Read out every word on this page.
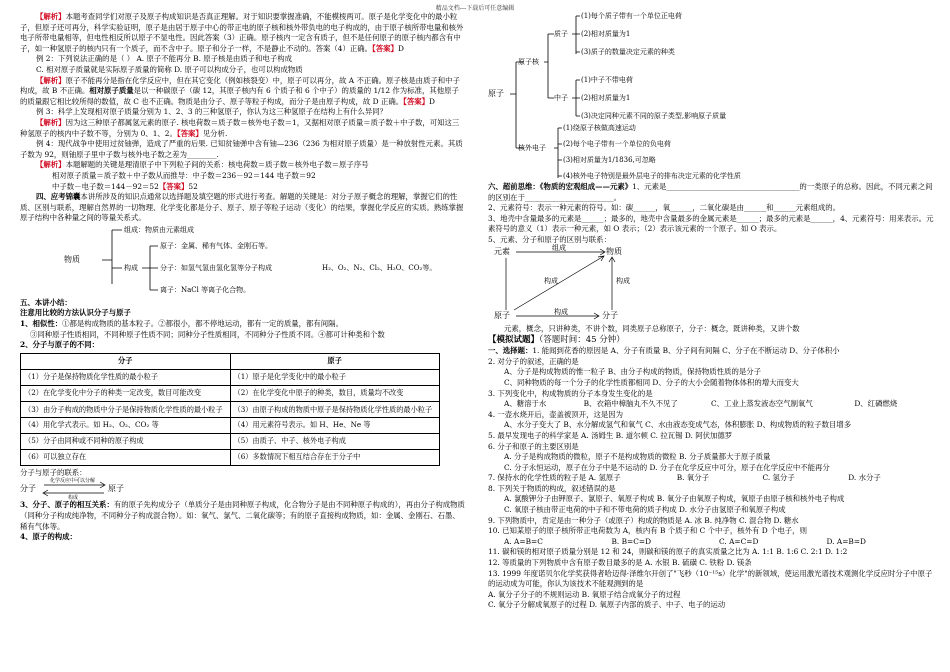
精品文档---下载后可任意编辑

【解析】本题考查同学们对原子及原子构成知识是否真正理解。对于知识要掌握准确，不能模棱两可。原子是化学变化中的最小粒子，但原子还可再分，科学实验证明，原子是由居于原子中心的带正电的原子核和核外带负电的电子构成的，由于原子核所带电量和核外电子所带电量相等，但电性相反所以原子不显电性。因此答案（3）正确。原子核内一定含有质子，但不是任何原子的原子核内都含有中子，如一种氢原子的核内只有一个质子，而不含中子。原子和分子一样，不是静止不动的。答案（4）正确。【答案】D

例 2：下列说法正确的是（ ） A. 原子不能再分 B. 原子核是由质子和电子构成

C. 相对原子质量就是实际原子质量的简称 D. 原子可以构成分子，也可以构成物质

【解析】原子不能再分是指在化学反应中，但在其它变化（例如核裂变）中，原子可以再分，故 A 不正确。原子核是由质子和中子构成，故 B 不正确。相对原子质量是以一种碳原子（碳 12，其原子核内有 6 个质子和 6 个中子）的质量的 1/12 作为标准，其他原子的质量跟它相比较所得的数值，故 C 也不正确。物质是由分子、原子等粒子构成，而分子是由原子构成，故 D 正确。【答案】D

例 3：科学上发现相对原子质量分别为 1、2、3 的三种氢原子，你认为这三种氢原子在结构上有什么异同？

【解析】因为这三种原子都属氢元素的原子. 核电荷数＝质子数＝核外电子数＝1，又据相对原子质量＝质子数＋中子数，可知这三种氢原子的核内中子数不等，分别为 0、1、2。【答案】见分析.

例 4：现代战争中使用过贫铀弹，造成了严重的后果. 已知贫铀弹中含有铀—236（236 为相对原子质量）是一种放射性元素。其质子数为 92，则铀原子里中子数与核外电子数之差为________.

【解析】本题解题的关键是理清原子中下列粒子间的关系：核电荷数＝质子数＝核外电子数＝原子序号

相对原子质量＝质子数＋中子数从而推导：中子数＝236－92＝144 电子数＝92

中子数－电子数＝144－92＝52【答案】52

四、应考锦囊本讲所涉及的知识点通常以选择题及填空题的形式进行考查。解题的关键是：对分子原子概念的理解，掌握它们的性质、区别与联系，理解自然界的一切物理、化学变化都是分子、原子、原子等粒子运动（变化）的结果，掌握化学反应的实质。熟练掌握原子结构中各种量之间的等量关系式。

物质
组成：物质由元素组成
构成
原子：金属、稀有气体、金刚石等。
分子：如氢气氢由氢化氢等分子构成	H₂、O₂、N₂、Cl₂、H₂O、CO₂等。
离子：NaCl 等离子化合物。

五、本讲小结：

注意用比较的方法认识分子与原子

1、相似性：①都是构成物质的基本粒子。②都很小，都不停地运动，都有一定的质量，都有间隔。

③同种原子性质相同，不同种原子性质不同；同种分子性质相同，不同种分子性质不同。④都可计种类和个数

2、分子与原子的不同：

分子	原子
（1）分子是保持物质化学性质的最小粒子	（1）原子是化学变化中的最小粒子
（2）在化学变化中分子的种类一定改变，数目可能改变	（2）在化学变化中原子的种类，数目，质量均不改变
（3）由分子构成的物质中分子是保持物质化学性质的最小粒子	（3）由原子构成的物质中原子是保持物质化学性质的最小粒子
（4）用化学式表示。如 H₂、O₂、CO₂ 等	（4）用元素符号表示。如 H、He、Ne 等
（5）分子由同种或不同种的原子构成	（5）由质子、中子、核外电子构成
（6）可以独立存在	（6）多数情况下相互结合存在于分子中

分子与原子的联系：

分子	原子
化学反应中可以分解
构成

3、分子、原子的相互关系：有的原子先构成分子（单质分子是由同种原子构成，化合物分子是由不同种原子构成的），再由分子构成物质（同种分子构成纯净物，不同种分子构成混合物）。如：氧气、氯气、二氧化碳等；有的原子直接构成物质，如：金属、金刚石、石墨、稀有气体等。

4、原子的构成：

原子
原子核
质子
中子
核外电子
(1)每个质子带有一个单位正电荷
(2)相对质量为1
(3)质子的数量决定元素的种类
(1)中子不带电荷
(2)相对质量为1
(3)决定同种元素不同的原子类型,影响原子质量
(1)绕原子核做高速运动
(2)每个电子带有一个单位的负电荷
(3)相对质量为1/1836,可忽略
(4)核外电子特别是最外层电子的排布决定元素的化学性质

六、超前思维：《物质的宏观组成——元素》1、元素是____________________________________的一类原子的总称。因此，不同元素之间的区别在于________________________。

2、元素符号：表示一种元素的符号。如：碳______，氧______，二氧化碳是由______和______元素组成的。

3、地壳中含量最多的元素是______；最多的，地壳中含量最多的金属元素是______；最多的元素是______，4、元素符号：用来表示。元素符号的意义（1）表示一种元素，如 O 表示；（2）表示该元素的一个原子。如 O 表示。

5、元素、分子和原子的区别与联系：

元素	物质
原子	分子
组成
构成
构成
构成

元素，概念，只讲种类，不讲个数，同类原子总称原子，分子：概念，既讲种类，又讲个数

【模拟试题】（答题时间：45 分钟）

一、选择题：1. 能闻到花香的原因是 A、分子有质量 B、分子间有间隔 C、分子在不断运动 D、分子体积小

2. 对分子的叙述，正确的是

A、分子是构成物质的惟一粒子 B、由分子构成的物质，保持物质性质的是分子

C、同种物质的每一个分子的化学性质都相同 D、分子的大小会随着物体体积的增大而变大

3. 下列变化中，构成物质的分子本身发生变化的是

A、糖溶于水	B、衣箱中樟脑丸不久不见了	C、工业上蒸发液态空气制氧气	D、红磷燃烧

4. 一壶水烧开后，壶盖被顶开，这是因为

A、水分子变大了 B、水分解成氢气和氧气 C、水由液态变成气态，体积膨胀 D、构成物质的粒子数目增多

5. 最早发现电子的科学家是 A. 汤姆生 B. 道尔顿 C. 拉瓦锡 D. 阿伏加德罗

6. 分子和原子的主要区别是

A. 分子是构成物质的微粒，原子不是构成物质的微粒 B. 分子质量都大于原子质量

C. 分子永恒运动，原子在分子中是不运动的 D. 分子在化学反应中可分，原子在化学反应中不能再分

7. 保持水的化学性质的粒子是 A. 氢原子	B. 氧分子	C. 氢分子	D. 水分子

8. 下列关于物质的构成，叙述错误的是

A. 氯酸钾分子由钾原子、氯原子、氧原子构成 B. 氧分子由氧原子构成，氧原子由原子核和核外电子构成

C. 氧原子核由带正电荷的中子和不带电荷的质子构成 D. 水分子由氢原子和氧原子构成

9. 下列物质中，肯定是由一种分子（或原子）构成的物质是 A. 冰 B. 纯净物 C. 混合物 D. 糖水

10. 已知某原子的原子核所带正电荷数为 A，核内有 B 个质子和 C 个中子，核外有 D 个电子，则

A. A=B=C	B. B=C=D	C. A=C=D	D. A=B=D

11. 碳和镁的相对原子质量分别是 12 和 24，则碳和镁的原子的真实质量之比为 A. 1:1 B. 1:6 C. 2:1 D. 1:2

12. 等质量的下列物质中含有原子数目最多的是 A. 水银 B. 硫磺 C. 铁粉 D. 镁条

13. 1999 年度诺贝尔化学奖获得者哈迈得·泽维尔开创了"飞秒（10⁻¹⁵s）化学"的新领域，使运用激光谱技术观测化学反应时分子中原子的运动成为可能，你认为该技术不能观测到的是

A. 氧分子分子的不规则运动 B. 氧原子结合成氧分子的过程

C. 氧分子分解成氧原子的过程 D. 氧原子内部的质子、中子、电子的运动
